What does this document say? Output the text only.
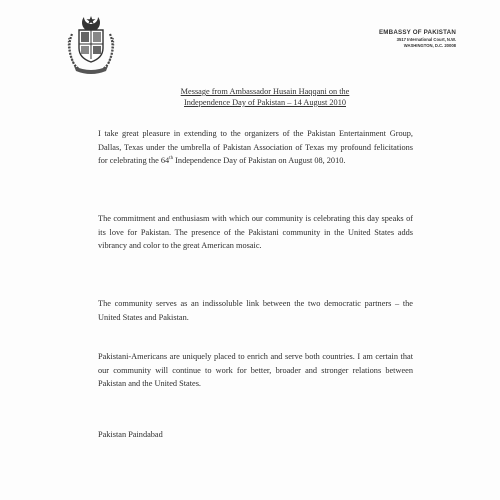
EMBASSY OF PAKISTAN
3517 International Court, N.W.
WASHINGTON, D.C. 20008
Message from Ambassador Husain Haqqani on the
Independence Day of Pakistan – 14 August 2010

I take great pleasure in extending to the organizers of the Pakistan Entertainment Group, Dallas, Texas under the umbrella of Pakistan Association of Texas my profound felicitations for celebrating the 64th Independence Day of Pakistan on August 08, 2010.

The commitment and enthusiasm with which our community is celebrating this day speaks of its love for Pakistan. The presence of the Pakistani community in the United States adds vibrancy and color to the great American mosaic.

The community serves as an indissoluble link between the two democratic partners – the United States and Pakistan.

Pakistani-Americans are uniquely placed to enrich and serve both countries. I am certain that our community will continue to work for better, broader and stronger relations between Pakistan and the United States.

Pakistan Paindabad
